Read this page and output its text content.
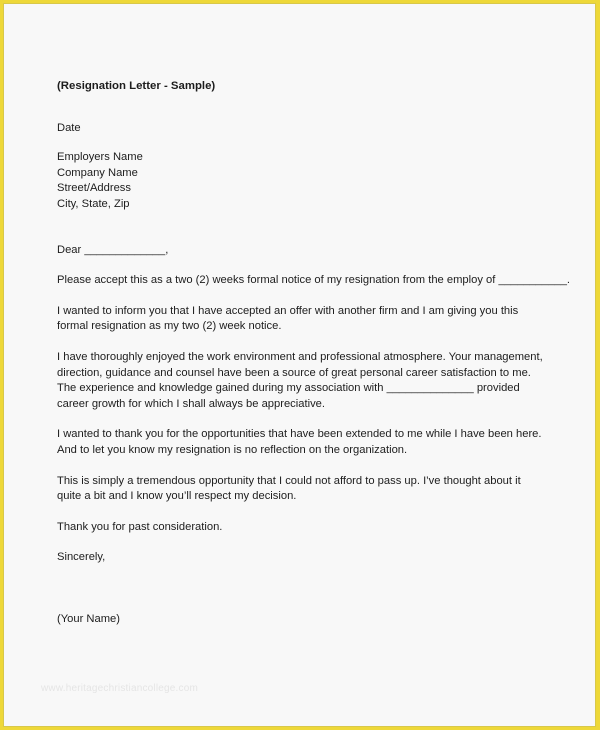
(Resignation Letter - Sample)
Date
Employers Name
Company Name
Street/Address
City, State, Zip
Dear _____________,
Please accept this as a two (2) weeks formal notice of my resignation from the employ of ___________.
I wanted to inform you that I have accepted an offer with another firm and I am giving you this
formal resignation as my two (2) week notice.
I have thoroughly enjoyed the work environment and professional atmosphere. Your management,
direction, guidance and counsel have been a source of great personal career satisfaction to me.
The experience and knowledge gained during my association with ______________ provided
career growth for which I shall always be appreciative.
I wanted to thank you for the opportunities that have been extended to me while I have been here.
And to let you know my resignation is no reflection on the organization.
This is simply a tremendous opportunity that I could not afford to pass up. I’ve thought about it
quite a bit and I know you’ll respect my decision.
Thank you for past consideration.
Sincerely,
(Your Name)
www.heritagechristiancollege.com
